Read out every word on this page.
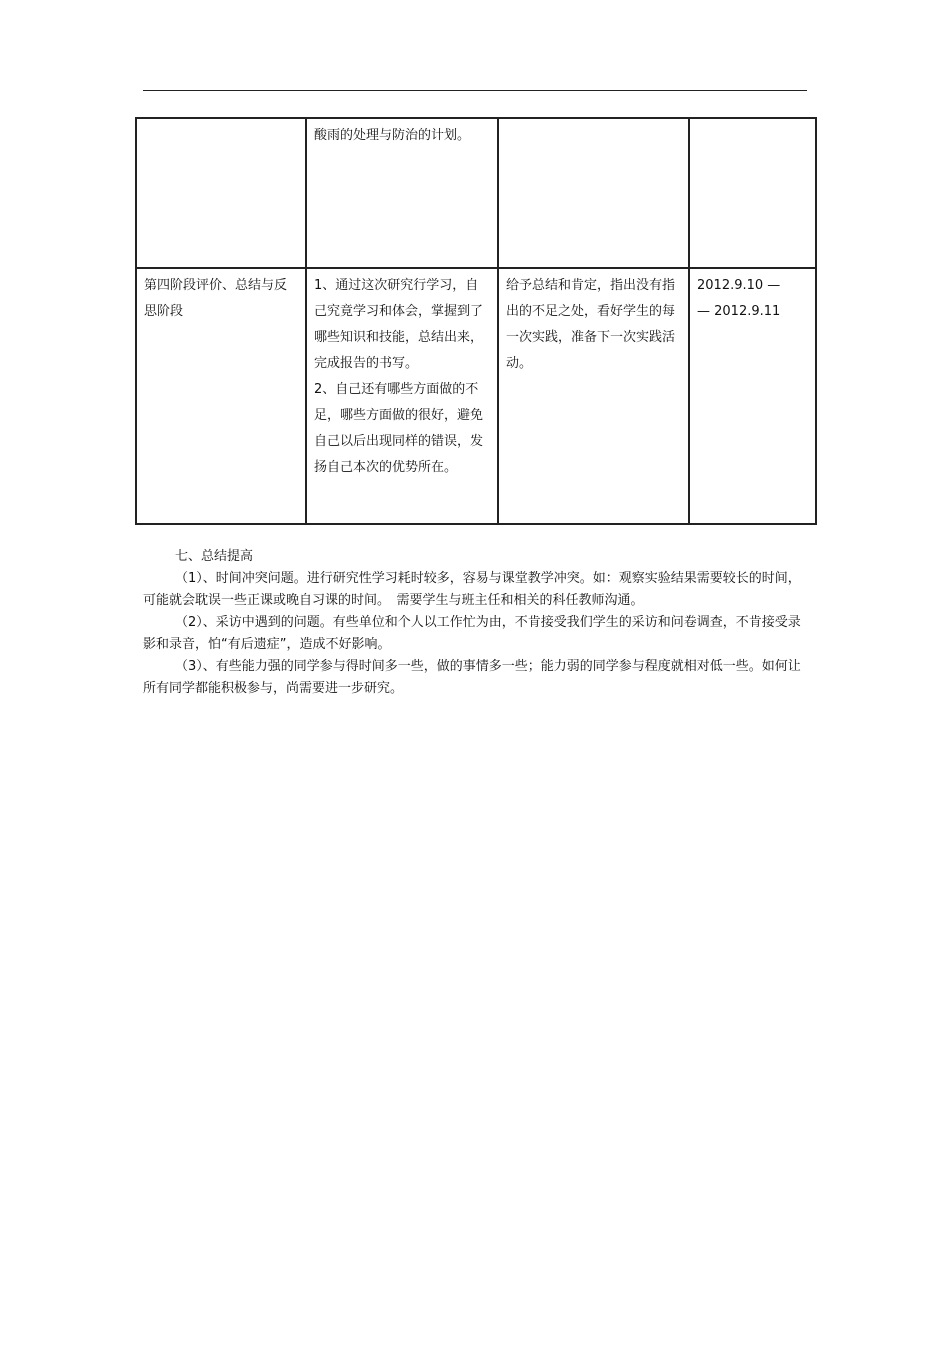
	酸雨的处理与防治的计划。		
第四阶段评价、总结与反思阶段	1、通过这次研究行学习，自己究竟学习和体会，掌握到了哪些知识和技能，总结出来，完成报告的书写。
2、自己还有哪些方面做的不足，哪些方面做的很好，避免自己以后出现同样的错误，发扬自己本次的优势所在。	给予总结和肯定，指出没有指出的不足之处，看好学生的每一次实践，准备下一次实践活动。	2012.9.10 —
— 2012.9.11
七、总结提高
（1）、时间冲突问题。进行研究性学习耗时较多，容易与课堂教学冲突。如：观察实验结果需要较长的时间，　可能就会耽误一些正课或晚自习课的时间。　需要学生与班主任和相关的科任教师沟通。
（2）、采访中遇到的问题。有些单位和个人以工作忙为由，不肯接受我们学生的采访和问卷调查，不肯接受录影和录音，怕“有后遗症”，造成不好影响。
（3）、有些能力强的同学参与得时间多一些，做的事情多一些；能力弱的同学参与程度就相对低一些。如何让所有同学都能积极参与，尚需要进一步研究。
